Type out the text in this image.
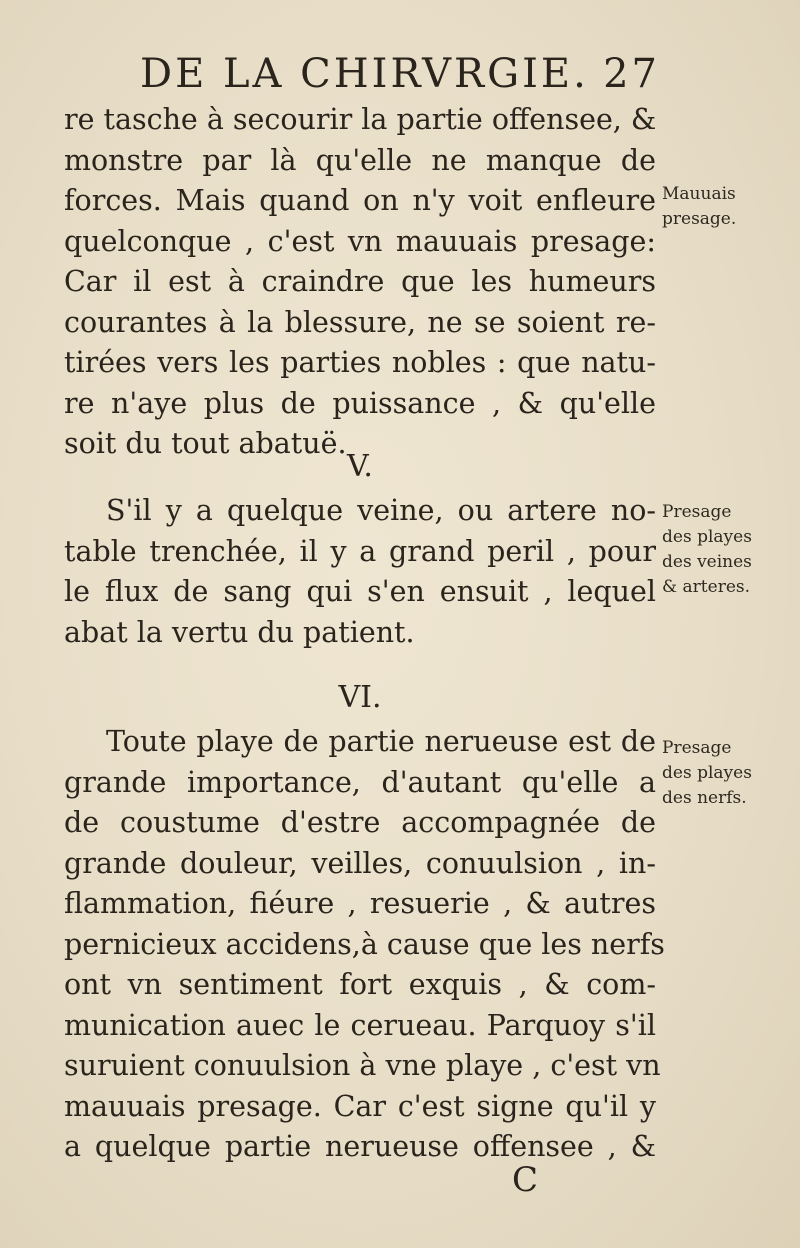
DE LA CHIRVRGIE. 27
re tasche à secourir la partie offensee, &
monstre par là qu'elle ne manque de
forces. Mais quand on n'y voit enfleure
quelconque , c'est vn mauuais presage:
Car il est à craindre que les humeurs
courantes à la blessure, ne se soient re-
tirées vers les parties nobles : que natu-
re n'aye plus de puissance , & qu'elle
soit du tout abatuë.
V.
S'il y a quelque veine, ou artere no-
table trenchée, il y a grand peril , pour
le flux de sang qui s'en ensuit , lequel
abat la vertu du patient.
VI.
Toute playe de partie nerueuse est de
grande importance, d'autant qu'elle a
de coustume d'estre accompagnée de
grande douleur, veilles, conuulsion , in-
flammation, fiéure , resuerie , & autres
pernicieux accidens,à cause que les nerfs
ont vn sentiment fort exquis , & com-
munication auec le cerueau. Parquoy s'il
suruient conuulsion à vne playe , c'est vn
mauuais presage. Car c'est signe qu'il y
a quelque partie nerueuse offensee , &
Mauuais
presage.
Presage
des playes
des veines
& arteres.
Presage
des playes
des nerfs.
C
